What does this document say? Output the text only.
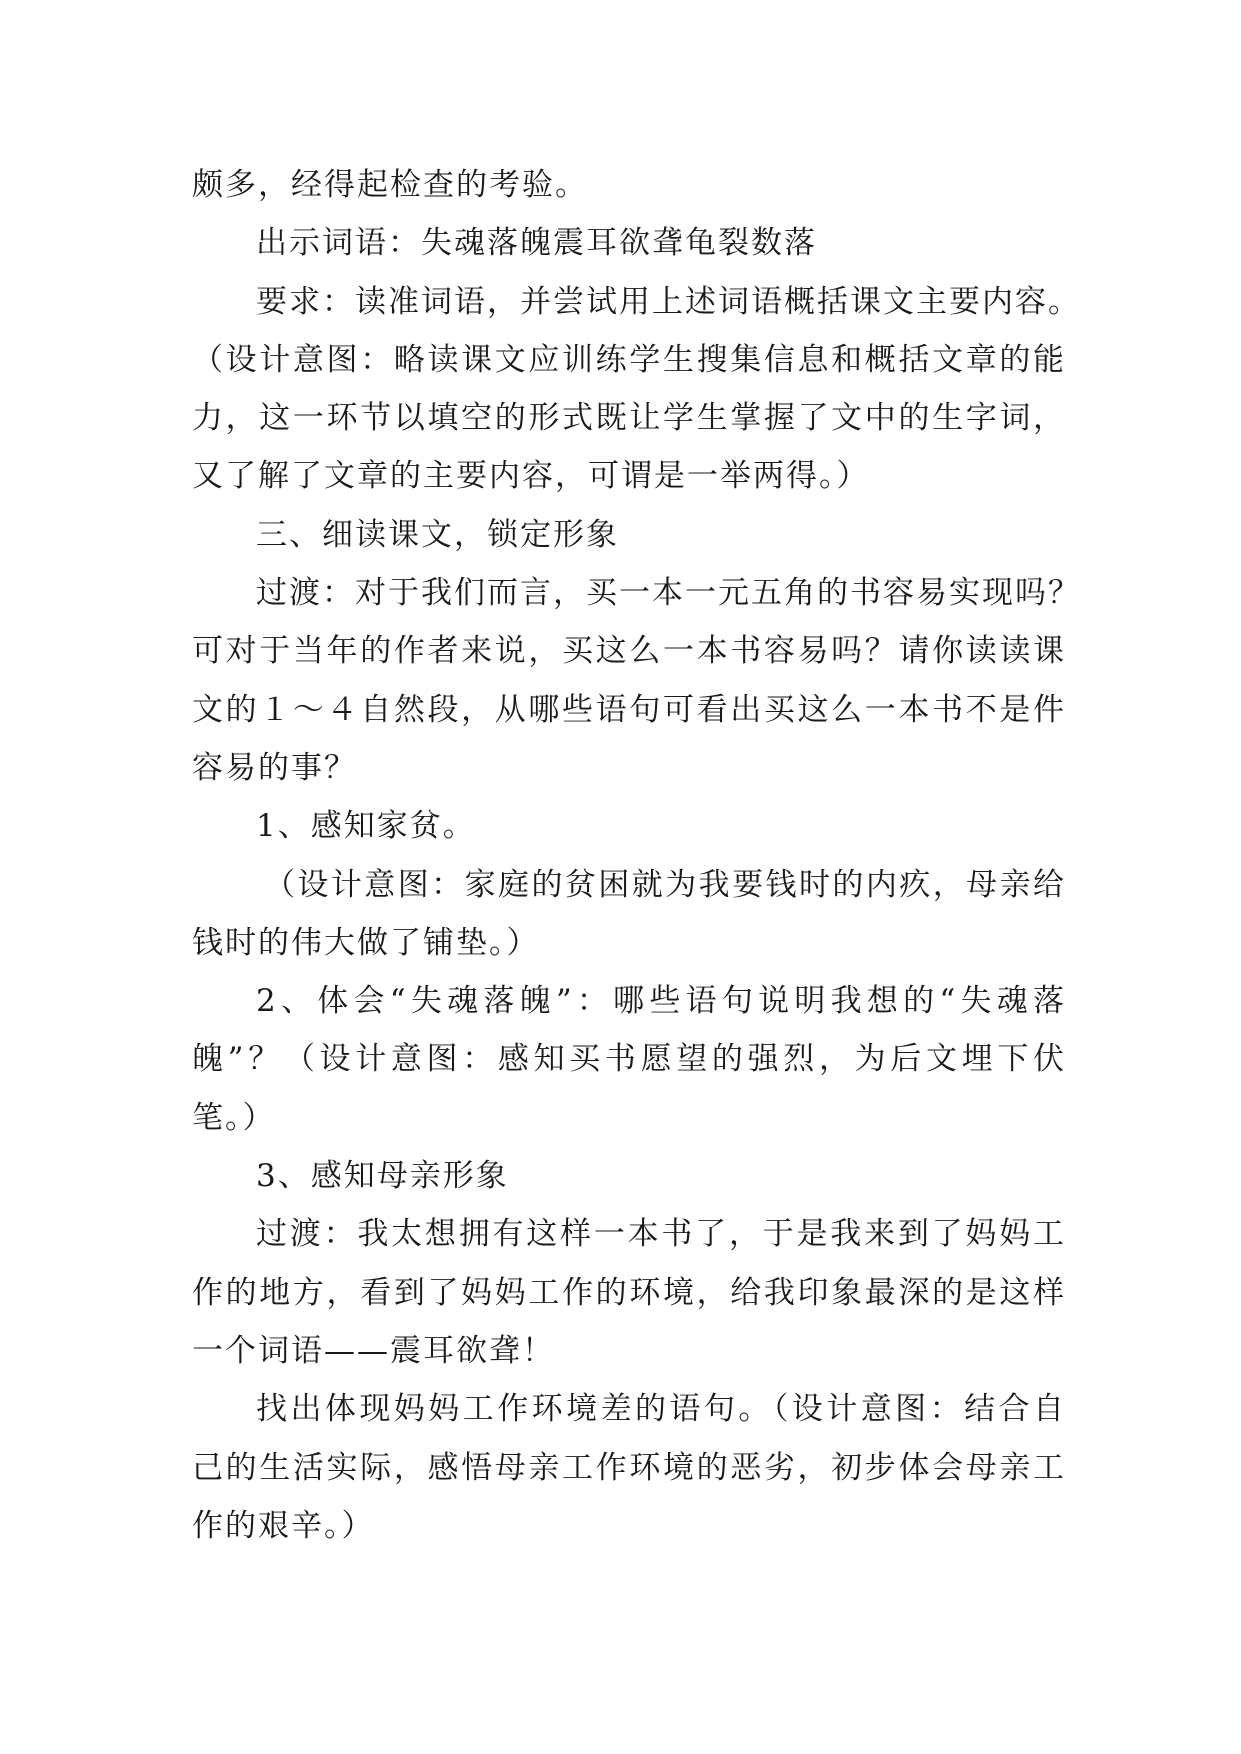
颇多，经得起检查的考验。
出示词语：失魂落魄震耳欲聋龟裂数落
要求：读准词语，并尝试用上述词语概括课文主要内容。
（设计意图：略读课文应训练学生搜集信息和概括文章的能
力，这一环节以填空的形式既让学生掌握了文中的生字词，
又了解了文章的主要内容，可谓是一举两得。）
三、细读课文，锁定形象
过渡：对于我们而言，买一本一元五角的书容易实现吗？
可对于当年的作者来说，买这么一本书容易吗？请你读读课
文的１～４自然段，从哪些语句可看出买这么一本书不是件
容易的事？
1、感知家贫。
（设计意图：家庭的贫困就为我要钱时的内疚，母亲给
钱时的伟大做了铺垫。）
2、体会“失魂落魄”：哪些语句说明我想的“失魂落
魄”？（设计意图：感知买书愿望的强烈，为后文埋下伏
笔。）
3、感知母亲形象
过渡：我太想拥有这样一本书了，于是我来到了妈妈工
作的地方，看到了妈妈工作的环境，给我印象最深的是这样
一个词语——震耳欲聋！
找出体现妈妈工作环境差的语句。（设计意图：结合自
己的生活实际，感悟母亲工作环境的恶劣，初步体会母亲工
作的艰辛。）
